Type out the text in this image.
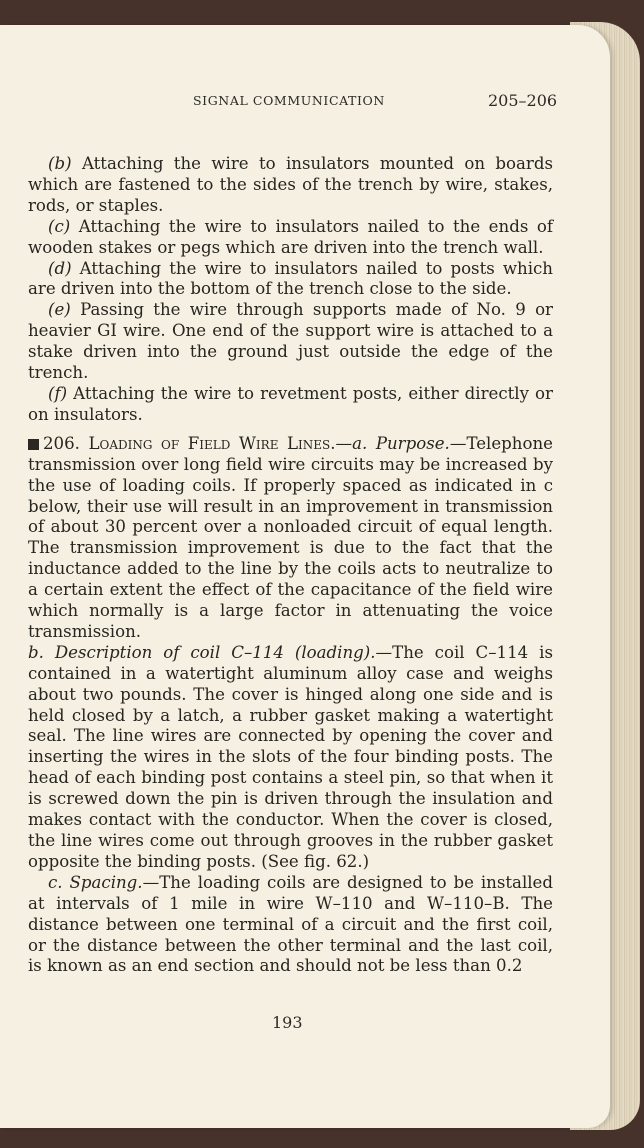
SIGNAL COMMUNICATION	205–206

(b) Attaching the wire to insulators mounted on boards which are fastened to the sides of the trench by wire, stakes, rods, or staples.

(c) Attaching the wire to insulators nailed to the ends of wooden stakes or pegs which are driven into the trench wall.

(d) Attaching the wire to insulators nailed to posts which are driven into the bottom of the trench close to the side.

(e) Passing the wire through supports made of No. 9 or heavier GI wire. One end of the support wire is attached to a stake driven into the ground just outside the edge of the trench.

(f) Attaching the wire to revetment posts, either directly or on insulators.

206. Loading of Field Wire Lines.—a. Purpose.—Telephone transmission over long field wire circuits may be increased by the use of loading coils. If properly spaced as indicated in c below, their use will result in an improvement in transmission of about 30 percent over a nonloaded circuit of equal length. The transmission improvement is due to the fact that the inductance added to the line by the coils acts to neutralize to a certain extent the effect of the capacitance of the field wire which normally is a large factor in attenuating the voice transmission.

b. Description of coil C–114 (loading).—The coil C–114 is contained in a watertight aluminum alloy case and weighs about two pounds. The cover is hinged along one side and is held closed by a latch, a rubber gasket making a watertight seal. The line wires are connected by opening the cover and inserting the wires in the slots of the four binding posts. The head of each binding post contains a steel pin, so that when it is screwed down the pin is driven through the insulation and makes contact with the conductor. When the cover is closed, the line wires come out through grooves in the rubber gasket opposite the binding posts. (See fig. 62.)

c. Spacing.—The loading coils are designed to be installed at intervals of 1 mile in wire W–110 and W–110–B. The distance between one terminal of a circuit and the first coil, or the distance between the other terminal and the last coil, is known as an end section and should not be less than 0.2

193
